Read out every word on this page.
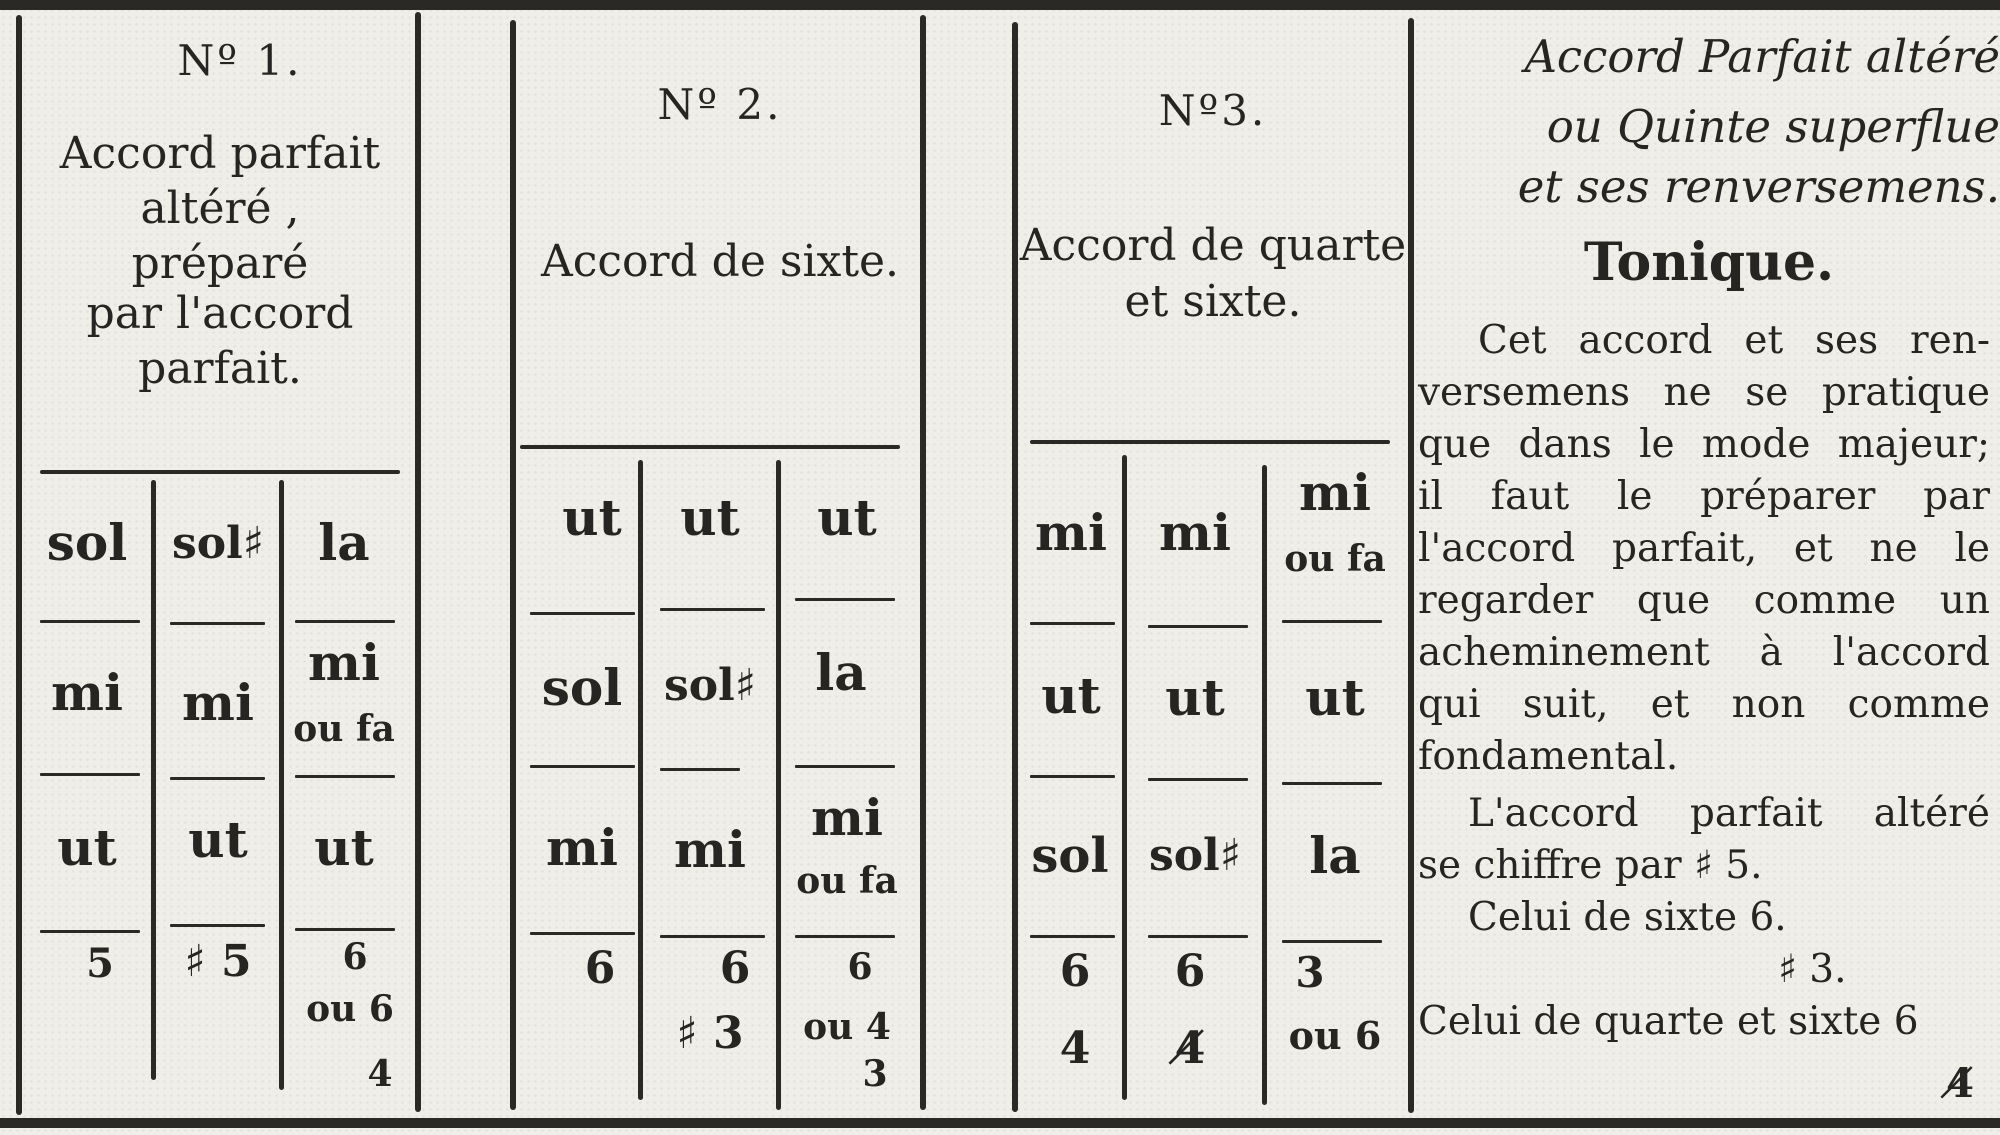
Nº 1.
Accord parfait
altéré ,
préparé
par l'accord
parfait.
sol
mi
ut
5
sol♯
mi
ut
♯ 5
la
mi
ou fa
ut
6
ou 6
4
Nº 2.
Accord de sixte.
ut
sol
mi
6
ut
sol♯
mi
6
♯ 3
ut
la
mi
ou fa
6
ou 4
3
Nº3.
Accord de quarte
et sixte.
mi
ut
sol
6
4
mi
ut
sol♯
6
4̸
mi
ou fa
ut
la
3
ou 6
Accord Parfait altéré
ou Quinte superflue
et ses renversemens.
Tonique.
Cet accord et ses ren-
versemens ne se pratique
que dans le mode majeur;
il faut le préparer par
l'accord parfait, et ne le
regarder que comme un
acheminement à l'accord
qui suit, et non comme
fondamental.
L'accord parfait altéré
se chiffre par ♯ 5.
Celui de sixte 6.
♯ 3.
Celui de quarte et sixte 6
4̸
